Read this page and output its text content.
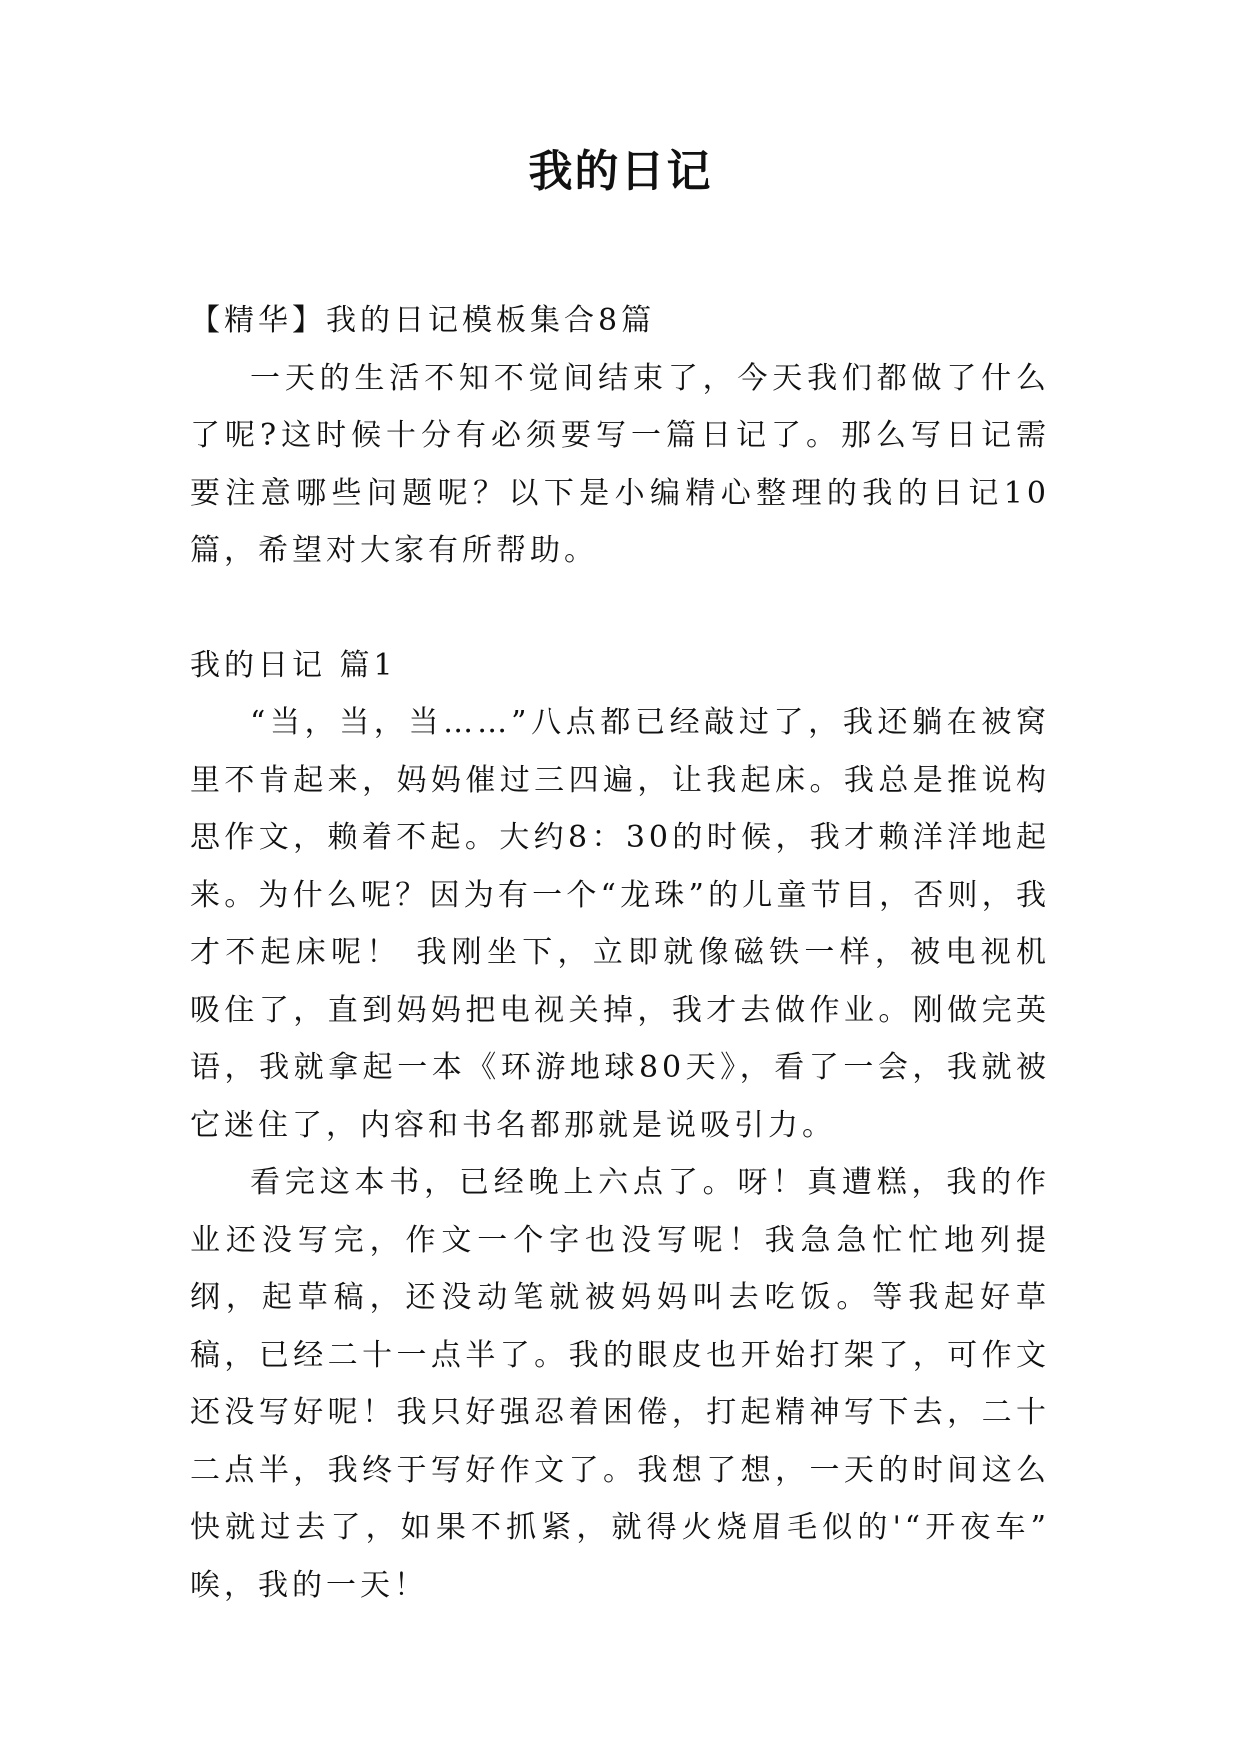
我的日记

【精华】我的日记模板集合8篇

一天的生活不知不觉间结束了，今天我们都做了什么了呢?这时候十分有必须要写一篇日记了。那么写日记需要注意哪些问题呢？以下是小编精心整理的我的日记10篇，希望对大家有所帮助。

我的日记 篇1

“当，当，当……”八点都已经敲过了，我还躺在被窝里不肯起来，妈妈催过三四遍，让我起床。我总是推说构思作文，赖着不起。大约8：30的时候，我才赖洋洋地起来。为什么呢？因为有一个“龙珠”的儿童节目，否则，我才不起床呢！ 我刚坐下，立即就像磁铁一样，被电视机吸住了，直到妈妈把电视关掉，我才去做作业。刚做完英语，我就拿起一本《环游地球80天》，看了一会，我就被它迷住了，内容和书名都那就是说吸引力。

看完这本书，已经晚上六点了。呀！真遭糕，我的作业还没写完，作文一个字也没写呢！我急急忙忙地列提纲，起草稿，还没动笔就被妈妈叫去吃饭。等我起好草稿，已经二十一点半了。我的眼皮也开始打架了，可作文还没写好呢！我只好强忍着困倦，打起精神写下去，二十二点半，我终于写好作文了。我想了想，一天的时间这么快就过去了，如果不抓紧，就得火烧眉毛似的'“开夜车” 唉，我的一天！
